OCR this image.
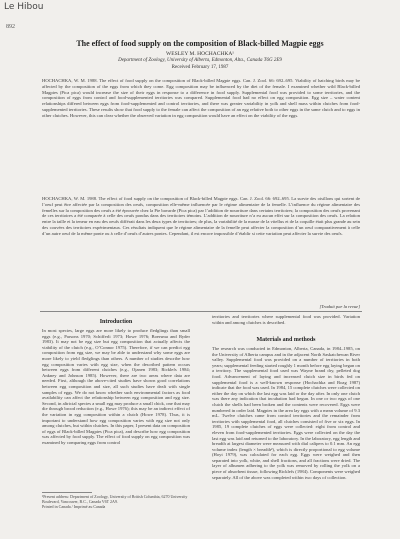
Le Hibou
892
The effect of food supply on the composition of Black-billed Magpie eggs
WESLEY M. HOCHACHKA¹
Department of Zoology, University of Alberta, Edmonton, Alta., Canada T6G 2E9
Received February 17, 1987

HOCHACHKA, W. M. 1988. The effect of food supply on the composition of Black-billed Magpie eggs. Can. J. Zool. 66: 692–695. Viability of hatching birds may be affected by the composition of the eggs from which they come. Egg composition may be influenced by the diet of the female. I examined whether wild Black-billed Magpies (Pica pica) would increase the size of their eggs in response to a difference in food supply. Supplemental food was provided to some territories, and the composition of eggs from control and food-supplemented territories was compared. Supplemental food had no effect on egg composition. Egg size – water content relationships differed between eggs from food-supplemented and control territories, and there was greater variability in yolk and shell mass within clutches from food-supplemented territories. These results show that food supply to the female can affect the composition of an egg relative both to other eggs in the same clutch and to eggs in other clutches. However, this can clear whether the observed variation in egg composition would have an effect on the viability of the eggs.

HOCHACHKA, W. M. 1988. The effect of food supply on the composition of Black-billed Magpie eggs. Can. J. Zool. 66: 692–695. La survie des oisillons qui sortent de l’oeuf peut être affectée par la composition des oeufs, composition elle-même influencée par le régime alimentaire de la femelle. L’influence du régime alimentaire des femelles sur la composition des oeufs a été éprouvée chez la Pie bavarde (Pica pica) par l’addition de nourriture dans certains territoires; la composition des oeufs provenant de ces territoires a été comparée à celle des oeufs pondus dans des territoires témoins. L’addition de nourriture n’a eu aucun effet sur la composition des oeufs. La relation entre la taille et la teneur en eau des oeufs différait dans les deux types de territoires; de plus, la variabilité de la masse de la vitellus et de la coquille était plus grande au sein des couvées des territoires expérimentaux. Ces résultats indiquent que le régime alimentaire de la femelle peut affecter la composition d’un oeuf comparativement à celle d’un autre oeuf de la même ponte ou à celle d’oeufs d’autres pontes. Cependant, il est encore impossible d’établir si cette variation peut affecter la survie des oeufs.

[Traduit par la revue]
Introduction

In most species, large eggs are more likely to produce fledglings than small eggs (e.g., Parsons 1970; Schifferli 1973; Howe 1976; Boersma and Ryder 1983). It may not be egg size but egg composition that actually affects the viability of the clutch (e.g., O’Connor 1975). Therefore, if we can predict egg composition from egg size, we may be able to understand why some eggs are more likely to yield fledglings than others. A number of studies describe how egg composition varies with egg size, when the described pattern occurs between eggs from different clutches (e.g., Ojanen 1983; Ricklefs 1984; Ankney and Johnson 1985). However, there are two areas where data are needed. First, although the above-cited studies have shown good correlations between egg composition and size, all such studies have dealt with single samples of eggs. We do not know whether such environmental factors as food availability can affect the relationship between egg composition and egg size. Second, in altricial species a small egg may produce a small chick, one that may die through brood reduction (e.g., Howe 1976); this may be an indirect effect of the variation in egg composition within a clutch (Howe 1978). Thus, it is important to understand how egg composition varies with egg size not only among clutches, but within clutches. In this paper, I present data on composition of eggs of Black-billed Magpies (Pica pica), and describe how egg composition was affected by food supply. The effect of food supply on egg composition was examined by comparing eggs from control

¹Present address: Department of Zoology, University of British Columbia, 6270 University Boulevard, Vancouver, B.C., Canada V6T 2A9.
Printed in Canada / Imprimé au Canada

territories and territories where supplemental food was provided. Variation within and among clutches is described.

Materials and methods

The research was conducted in Edmonton, Alberta, Canada, in 1984–1985, on the University of Alberta campus and in the adjacent North Saskatchewan River valley. Supplemental food was provided on a number of territories in both years; supplemental feeding started roughly 1 month before egg laying began on a territory. The supplemental food used was Wayne brand dry, pelleted dog food. Advancement of laying and increased clutch size in birds fed on supplemental food is a well-known response (Hochachka and Boag 1987) indicate that the food was used. In 1984, 15 complete clutches were collected on either the day on which the last egg was laid or the day after. In only one clutch was there any indication that incubation had begun. In one or two eggs of one clutch the shells had been broken and the contents were recovered. Eggs were numbered in order laid. Magpies in the area lay eggs with a mean volume of 9.3 mL. Twelve clutches came from control territories and the remainder from territories with supplemental food, all clutches consisted of five or six eggs. In 1985, 19 complete clutches of eggs were collected: eight from control and eleven from food-supplemented territories. Eggs were collected on the day the last egg was laid and returned to the laboratory. In the laboratory, egg length and breadth at largest diameter were measured with dial calipers to 0.1 mm. An egg volume index (length × breadth²), which is directly proportional to egg volume (Hoyt 1979), was calculated for each egg. Eggs were weighed and then separated into yolk, white, and shell fractions, and all fractions were dried. The layer of albumen adhering to the yolk was removed by rolling the yolk on a piece of absorbent tissue, following Ricklefs (1984). Components were weighed separately. All of the above was completed within two days of collection.
